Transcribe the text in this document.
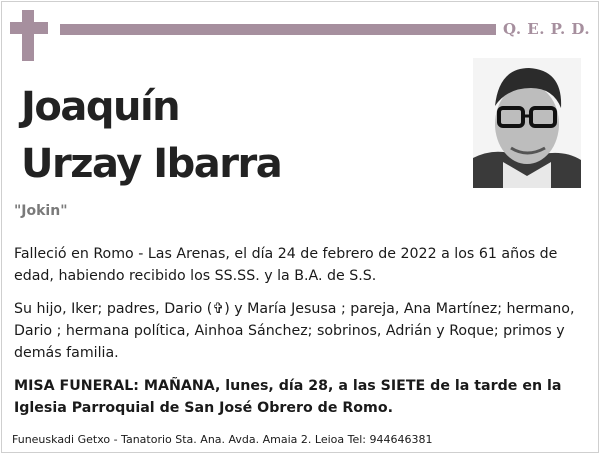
Q. E. P. D.
Joaquín
Urzay Ibarra
"Jokin"
Falleció en Romo - Las Arenas, el día 24 de febrero de 2022 a los 61 años de edad, habiendo recibido los SS.SS. y la B.A. de S.S.
Su hijo, Iker; padres, Dario (✞) y María Jesusa ; pareja, Ana Martínez; hermano, Dario ; hermana política, Ainhoa Sánchez; sobrinos, Adrián y Roque; primos y demás familia.
MISA FUNERAL: MAÑANA, lunes, día 28, a las SIETE de la tarde en la Iglesia Parroquial de San José Obrero de Romo.
Funeuskadi Getxo - Tanatorio Sta. Ana. Avda. Amaia 2. Leioa Tel: 944646381
